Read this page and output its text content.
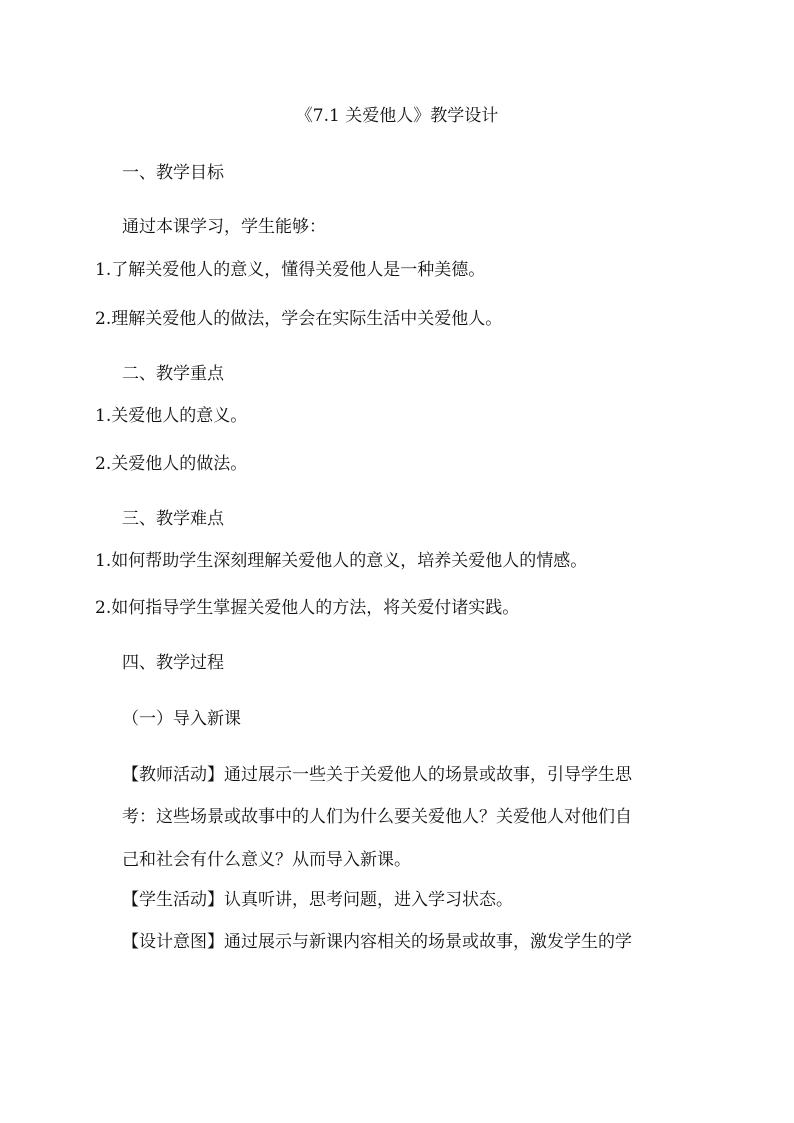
《7.1 关爱他人》教学设计
一、教学目标
通过本课学习，学生能够：
1.了解关爱他人的意义，懂得关爱他人是一种美德。
2.理解关爱他人的做法，学会在实际生活中关爱他人。
二、教学重点
1.关爱他人的意义。
2.关爱他人的做法。
三、教学难点
1.如何帮助学生深刻理解关爱他人的意义，培养关爱他人的情感。
2.如何指导学生掌握关爱他人的方法，将关爱付诸实践。
四、教学过程
（一）导入新课
【教师活动】通过展示一些关于关爱他人的场景或故事，引导学生思
考：这些场景或故事中的人们为什么要关爱他人？关爱他人对他们自
己和社会有什么意义？从而导入新课。
【学生活动】认真听讲，思考问题，进入学习状态。
【设计意图】通过展示与新课内容相关的场景或故事，激发学生的学
